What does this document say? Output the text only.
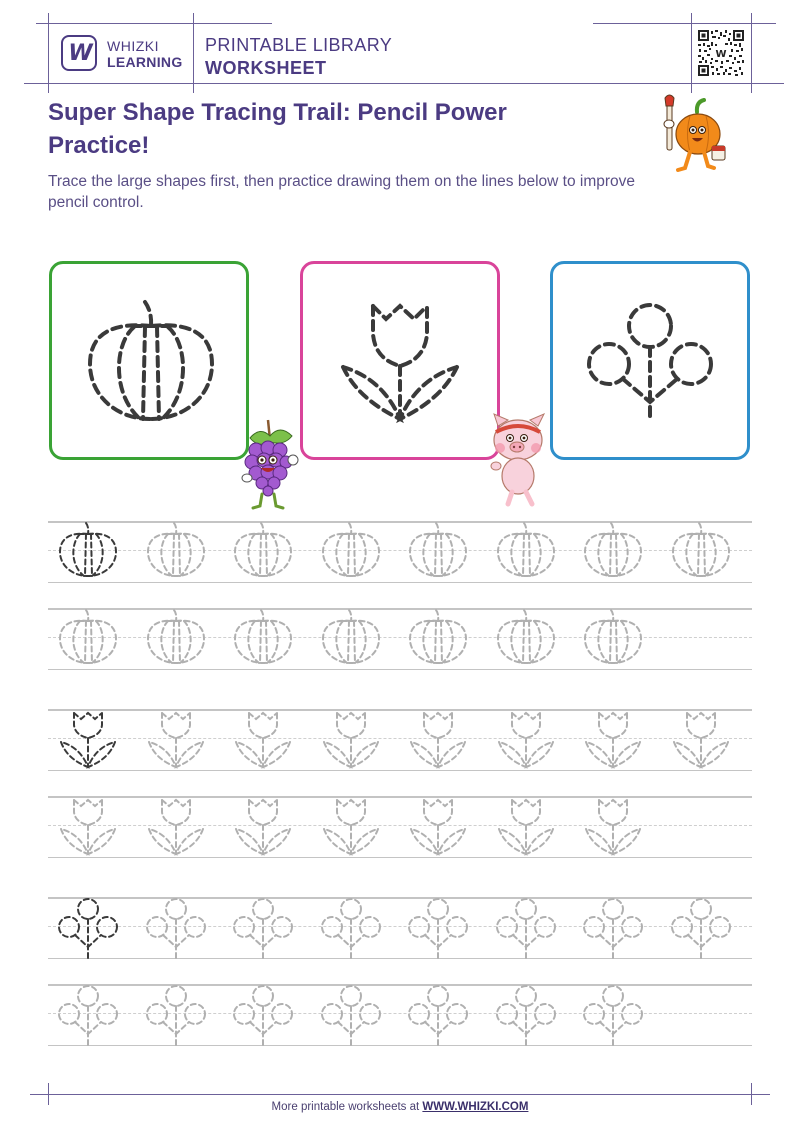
W WHIZKI
LEARNING
PRINTABLE LIBRARY
WORKSHEET
W
Super Shape Tracing Trail: Pencil Power Practice!
Trace the large shapes first, then practice drawing them on the lines below to improve pencil control.
More printable worksheets at WWW.WHIZKI.COM
